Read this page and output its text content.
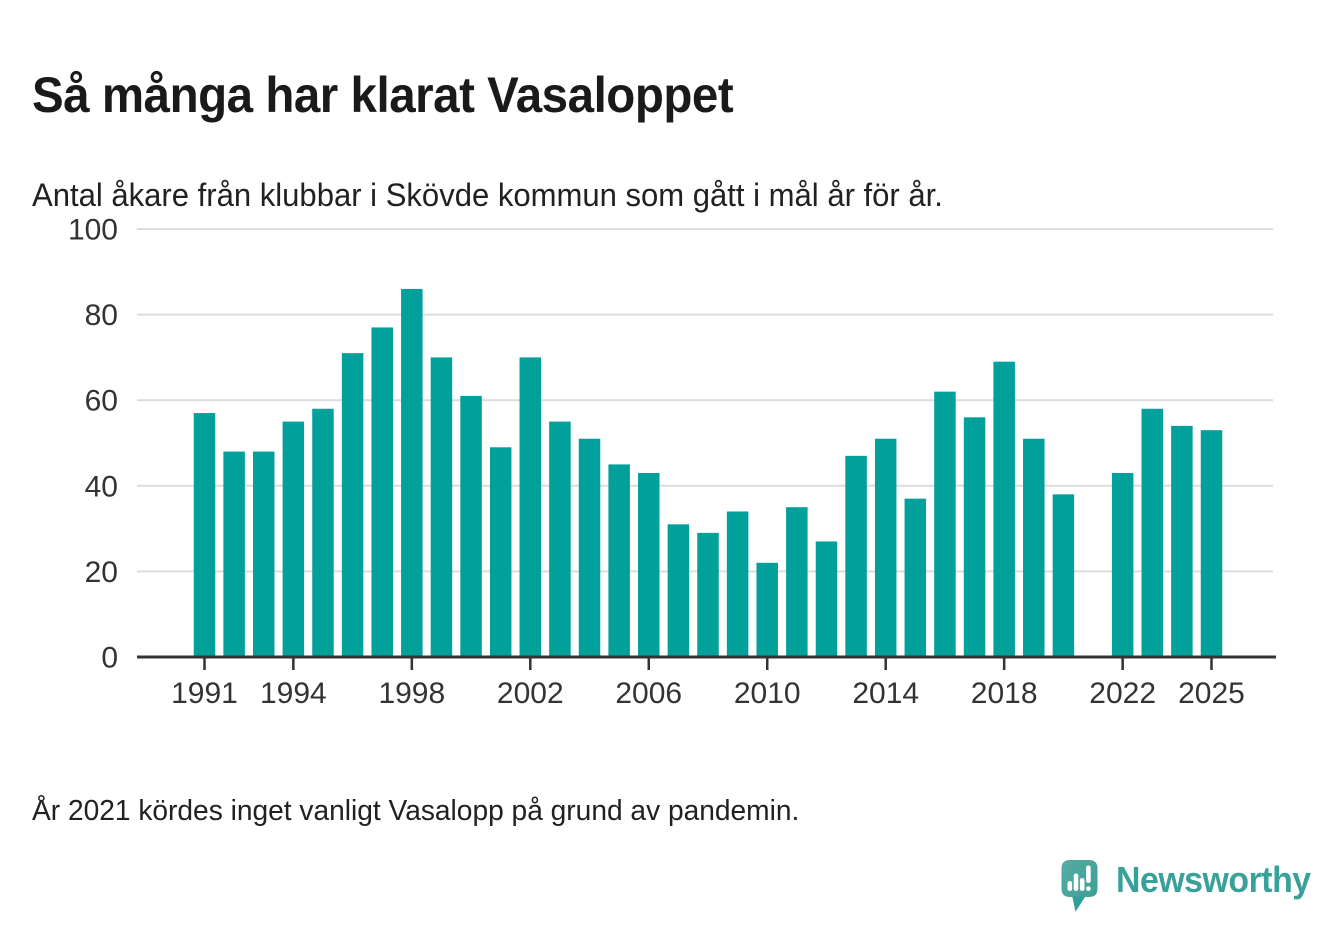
Så många har klarat Vasaloppet

Antal åkare från klubbar i Skövde kommun som gått i mål år för år.

0
20
40
60
80
100
1991 1994 1998 2002 2006 2010 2014 2018 2022 2025

År 2021 kördes inget vanligt Vasalopp på grund av pandemin.

Newsworthy
